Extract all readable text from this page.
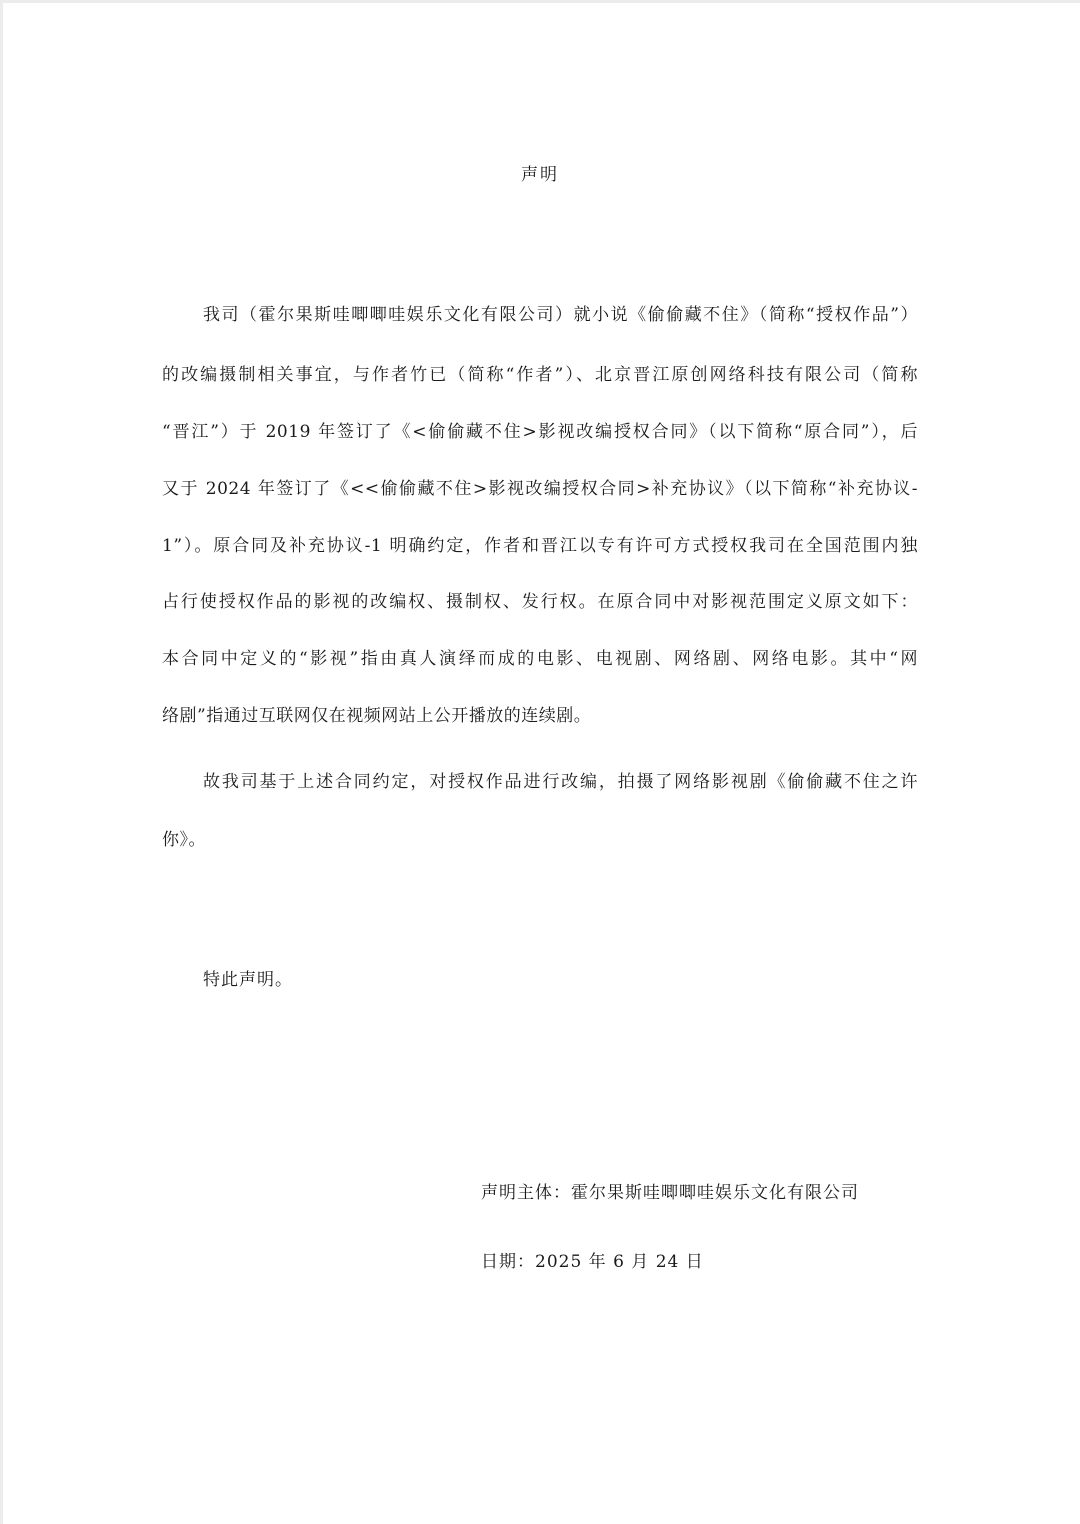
声明
我司（霍尔果斯哇唧唧哇娱乐文化有限公司）就小说《偷偷藏不住》（简称“授权作品”）
的改编摄制相关事宜，与作者竹已（简称“作者”）、北京晋江原创网络科技有限公司（简称
“晋江”）于 2019 年签订了《<偷偷藏不住>影视改编授权合同》（以下简称“原合同”），后
又于 2024 年签订了《<<偷偷藏不住>影视改编授权合同>补充协议》（以下简称“补充协议-
1”）。原合同及补充协议-1 明确约定，作者和晋江以专有许可方式授权我司在全国范围内独
占行使授权作品的影视的改编权、摄制权、发行权。在原合同中对影视范围定义原文如下：
本合同中定义的“影视”指由真人演绎而成的电影、电视剧、网络剧、网络电影。其中“网
络剧”指通过互联网仅在视频网站上公开播放的连续剧。
故我司基于上述合同约定，对授权作品进行改编，拍摄了网络影视剧《偷偷藏不住之许
你》。
特此声明。
声明主体：霍尔果斯哇唧唧哇娱乐文化有限公司
日期：2025 年 6 月 24 日
